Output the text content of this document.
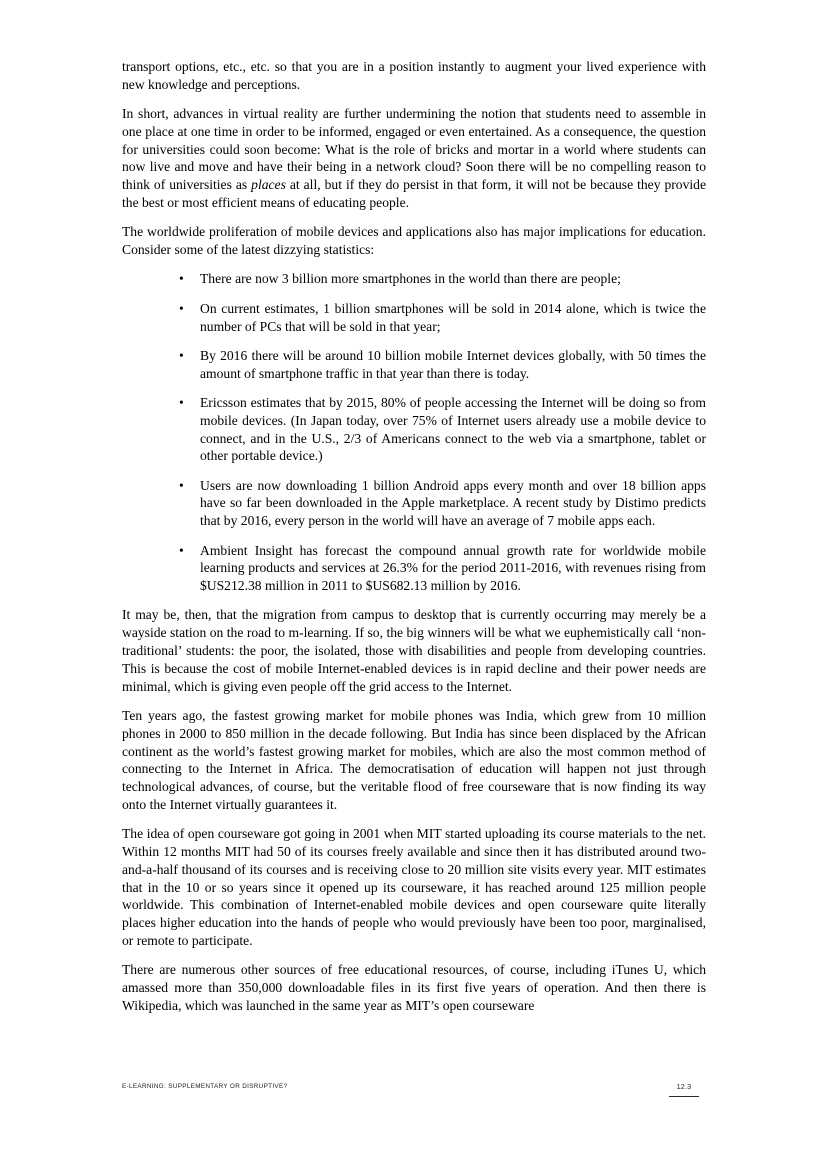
transport options, etc., etc. so that you are in a position instantly to augment your lived experience with new knowledge and perceptions.

In short, advances in virtual reality are further undermining the notion that students need to assemble in one place at one time in order to be informed, engaged or even entertained. As a consequence, the question for universities could soon become: What is the role of bricks and mortar in a world where students can now live and move and have their being in a network cloud? Soon there will be no compelling reason to think of universities as places at all, but if they do persist in that form, it will not be because they provide the best or most efficient means of educating people.

The worldwide proliferation of mobile devices and applications also has major implications for education. Consider some of the latest dizzying statistics:

• There are now 3 billion more smartphones in the world than there are people;
• On current estimates, 1 billion smartphones will be sold in 2014 alone, which is twice the number of PCs that will be sold in that year;
• By 2016 there will be around 10 billion mobile Internet devices globally, with 50 times the amount of smartphone traffic in that year than there is today.
• Ericsson estimates that by 2015, 80% of people accessing the Internet will be doing so from mobile devices. (In Japan today, over 75% of Internet users already use a mobile device to connect, and in the U.S., 2/3 of Americans connect to the web via a smartphone, tablet or other portable device.)
• Users are now downloading 1 billion Android apps every month and over 18 billion apps have so far been downloaded in the Apple marketplace. A recent study by Distimo predicts that by 2016, every person in the world will have an average of 7 mobile apps each.
• Ambient Insight has forecast the compound annual growth rate for worldwide mobile learning products and services at 26.3% for the period 2011-2016, with revenues rising from $US212.38 million in 2011 to $US682.13 million by 2016.

It may be, then, that the migration from campus to desktop that is currently occurring may merely be a wayside station on the road to m-learning. If so, the big winners will be what we euphemistically call ‘non-traditional’ students: the poor, the isolated, those with disabilities and people from developing countries. This is because the cost of mobile Internet-enabled devices is in rapid decline and their power needs are minimal, which is giving even people off the grid access to the Internet.

Ten years ago, the fastest growing market for mobile phones was India, which grew from 10 million phones in 2000 to 850 million in the decade following. But India has since been displaced by the African continent as the world’s fastest growing market for mobiles, which are also the most common method of connecting to the Internet in Africa. The democratisation of education will happen not just through technological advances, of course, but the veritable flood of free courseware that is now finding its way onto the Internet virtually guarantees it.

The idea of open courseware got going in 2001 when MIT started uploading its course materials to the net. Within 12 months MIT had 50 of its courses freely available and since then it has distributed around two-and-a-half thousand of its courses and is receiving close to 20 million site visits every year. MIT estimates that in the 10 or so years since it opened up its courseware, it has reached around 125 million people worldwide. This combination of Internet-enabled mobile devices and open courseware quite literally places higher education into the hands of people who would previously have been too poor, marginalised, or remote to participate.

There are numerous other sources of free educational resources, of course, including iTunes U, which amassed more than 350,000 downloadable files in its first five years of operation. And then there is Wikipedia, which was launched in the same year as MIT’s open courseware

E-LEARNING: SUPPLEMENTARY OR DISRUPTIVE?	12.3
